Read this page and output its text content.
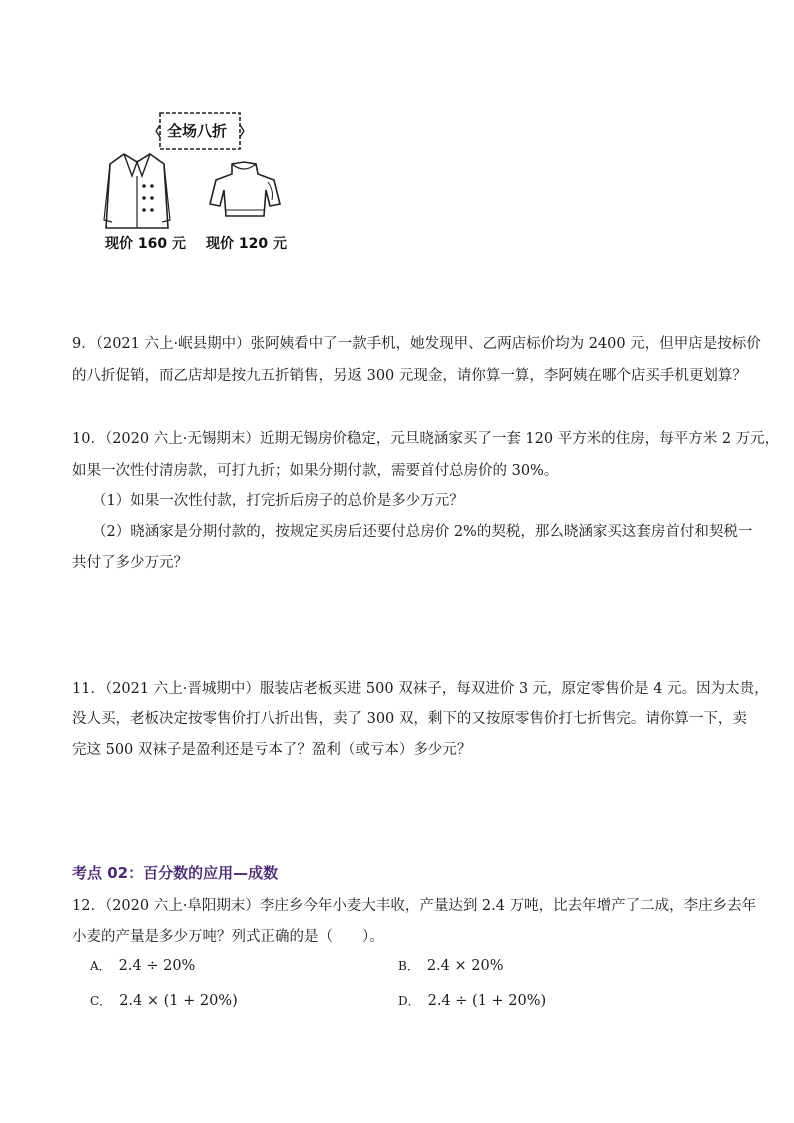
全场八折
现价 160 元 现价 120 元
9．（2021 六上·岷县期中）张阿姨看中了一款手机，她发现甲、乙两店标价均为 2400 元，但甲店是按标价
的八折促销，而乙店却是按九五折销售，另返 300 元现金，请你算一算，李阿姨在哪个店买手机更划算？
10．（2020 六上·无锡期末）近期无锡房价稳定，元旦晓涵家买了一套 120 平方米的住房，每平方米 2 万元，
如果一次性付清房款，可打九折；如果分期付款，需要首付总房价的 30%。
（1）如果一次性付款，打完折后房子的总价是多少万元？
（2）晓涵家是分期付款的，按规定买房后还要付总房价 2%的契税，那么晓涵家买这套房首付和契税一
共付了多少万元？
11．（2021 六上·晋城期中）服装店老板买进 500 双袜子，每双进价 3 元，原定零售价是 4 元。因为太贵，
没人买，老板决定按零售价打八折出售，卖了 300 双，剩下的又按原零售价打七折售完。请你算一下，卖
完这 500 双袜子是盈利还是亏本了？盈利（或亏本）多少元？
考点 02：百分数的应用—成数
12．（2020 六上·阜阳期末）李庄乡今年小麦大丰收，产量达到 2.4 万吨，比去年增产了二成，李庄乡去年
小麦的产量是多少万吨？列式正确的是（　　）。
A． 2.4 ÷ 20%	B． 2.4 × 20%
C． 2.4 × (1 + 20%)	D． 2.4 ÷ (1 + 20%)
